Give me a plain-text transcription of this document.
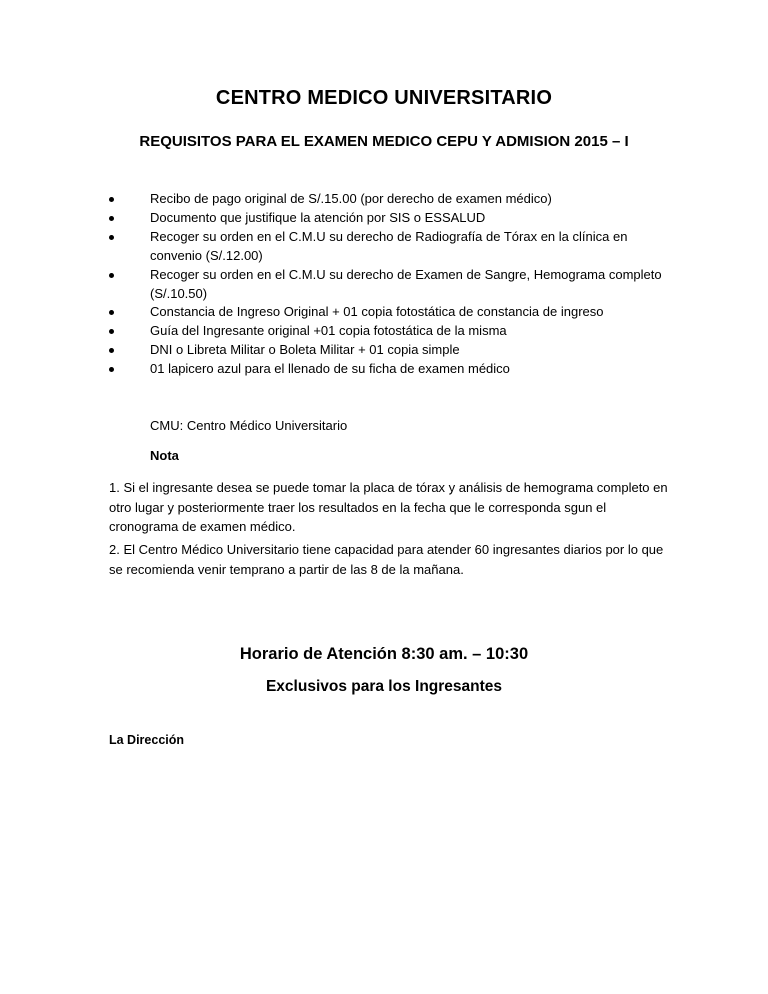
CENTRO MEDICO UNIVERSITARIO
REQUISITOS PARA EL EXAMEN MEDICO CEPU Y ADMISION 2015 – I
Recibo de pago original de S/.15.00 (por derecho de examen médico)
Documento que justifique la atención por SIS o ESSALUD
Recoger su orden en el C.M.U su derecho de Radiografía de Tórax en la clínica en convenio (S/.12.00)
Recoger su orden en el C.M.U su derecho de Examen de Sangre, Hemograma completo (S/.10.50)
Constancia de Ingreso Original + 01 copia fotostática de constancia de ingreso
Guía del Ingresante original +01 copia fotostática de la misma
DNI o Libreta Militar o Boleta Militar + 01 copia simple
01 lapicero azul para el llenado de su ficha de examen médico
CMU: Centro Médico Universitario
Nota

1. Si el ingresante desea se puede tomar la placa de tórax y análisis de hemograma completo en otro lugar y posteriormente traer los resultados en la fecha que le corresponda sgun el cronograma de examen médico.

2. El Centro Médico Universitario tiene capacidad para atender 60 ingresantes diarios por lo que se recomienda venir temprano a partir de las 8 de la mañana.

Horario de Atención 8:30 am. – 10:30
Exclusivos para los Ingresantes
La Dirección
